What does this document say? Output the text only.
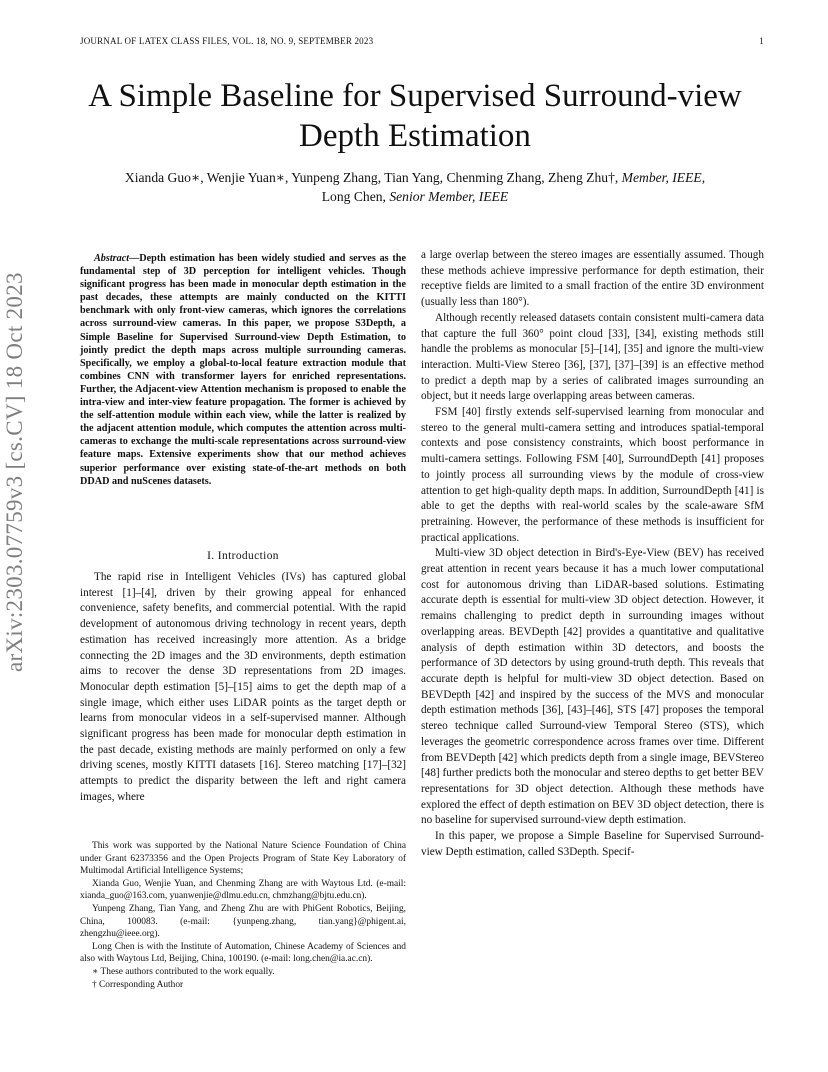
JOURNAL OF LATEX CLASS FILES, VOL. 18, NO. 9, SEPTEMBER 2023	1
A Simple Baseline for Supervised Surround-view Depth Estimation
Xianda Guo∗, Wenjie Yuan∗, Yunpeng Zhang, Tian Yang, Chenming Zhang, Zheng Zhu†, Member, IEEE,
Long Chen, Senior Member, IEEE
arXiv:2303.07759v3 [cs.CV] 18 Oct 2023

Abstract—Depth estimation has been widely studied and serves as the fundamental step of 3D perception for intelligent vehicles. Though significant progress has been made in monocular depth estimation in the past decades, these attempts are mainly conducted on the KITTI benchmark with only front-view cameras, which ignores the correlations across surround-view cameras. In this paper, we propose S3Depth, a Simple Baseline for Supervised Surround-view Depth Estimation, to jointly predict the depth maps across multiple surrounding cameras. Specifically, we employ a global-to-local feature extraction module that combines CNN with transformer layers for enriched representations. Further, the Adjacent-view Attention mechanism is proposed to enable the intra-view and inter-view feature propagation. The former is achieved by the self-attention module within each view, while the latter is realized by the adjacent attention module, which computes the attention across multi-cameras to exchange the multi-scale representations across surround-view feature maps. Extensive experiments show that our method achieves superior performance over existing state-of-the-art methods on both DDAD and nuScenes datasets.

I. Introduction

The rapid rise in Intelligent Vehicles (IVs) has captured global interest [1]–[4], driven by their growing appeal for enhanced convenience, safety benefits, and commercial potential. With the rapid development of autonomous driving technology in recent years, depth estimation has received increasingly more attention. As a bridge connecting the 2D images and the 3D environments, depth estimation aims to recover the dense 3D representations from 2D images. Monocular depth estimation [5]–[15] aims to get the depth map of a single image, which either uses LiDAR points as the target depth or learns from monocular videos in a self-supervised manner. Although significant progress has been made for monocular depth estimation in the past decade, existing methods are mainly performed on only a few driving scenes, mostly KITTI datasets [16]. Stereo matching [17]–[32] attempts to predict the disparity between the left and right camera images, where

This work was supported by the National Nature Science Foundation of China under Grant 62373356 and the Open Projects Program of State Key Laboratory of Multimodal Artificial Intelligence Systems;

Xianda Guo, Wenjie Yuan, and Chenming Zhang are with Waytous Ltd. (e-mail: xianda_guo@163.com, yuanwenjie@dlmu.edu.cn, chmzhang@bjtu.edu.cn).

Yunpeng Zhang, Tian Yang, and Zheng Zhu are with PhiGent Robotics, Beijing, China, 100083. (e-mail: {yunpeng.zhang, tian.yang}@phigent.ai, zhengzhu@ieee.org).

Long Chen is with the Institute of Automation, Chinese Academy of Sciences and also with Waytous Ltd, Beijing, China, 100190. (e-mail: long.chen@ia.ac.cn).

∗ These authors contributed to the work equally.

† Corresponding Author

a large overlap between the stereo images are essentially assumed. Though these methods achieve impressive performance for depth estimation, their receptive fields are limited to a small fraction of the entire 3D environment (usually less than 180°).

Although recently released datasets contain consistent multi-camera data that capture the full 360° point cloud [33], [34], existing methods still handle the problems as monocular [5]–[14], [35] and ignore the multi-view interaction. Multi-View Stereo [36], [37], [37]–[39] is an effective method to predict a depth map by a series of calibrated images surrounding an object, but it needs large overlapping areas between cameras.

FSM [40] firstly extends self-supervised learning from monocular and stereo to the general multi-camera setting and introduces spatial-temporal contexts and pose consistency constraints, which boost performance in multi-camera settings. Following FSM [40], SurroundDepth [41] proposes to jointly process all surrounding views by the module of cross-view attention to get high-quality depth maps. In addition, SurroundDepth [41] is able to get the depths with real-world scales by the scale-aware SfM pretraining. However, the performance of these methods is insufficient for practical applications.

Multi-view 3D object detection in Bird's-Eye-View (BEV) has received great attention in recent years because it has a much lower computational cost for autonomous driving than LiDAR-based solutions. Estimating accurate depth is essential for multi-view 3D object detection. However, it remains challenging to predict depth in surrounding images without overlapping areas. BEVDepth [42] provides a quantitative and qualitative analysis of depth estimation within 3D detectors, and boosts the performance of 3D detectors by using ground-truth depth. This reveals that accurate depth is helpful for multi-view 3D object detection. Based on BEVDepth [42] and inspired by the success of the MVS and monocular depth estimation methods [36], [43]–[46], STS [47] proposes the temporal stereo technique called Surround-view Temporal Stereo (STS), which leverages the geometric correspondence across frames over time. Different from BEVDepth [42] which predicts depth from a single image, BEVStereo [48] further predicts both the monocular and stereo depths to get better BEV representations for 3D object detection. Although these methods have explored the effect of depth estimation on BEV 3D object detection, there is no baseline for supervised surround-view depth estimation.

In this paper, we propose a Simple Baseline for Supervised Surround-view Depth estimation, called S3Depth. Specif-
